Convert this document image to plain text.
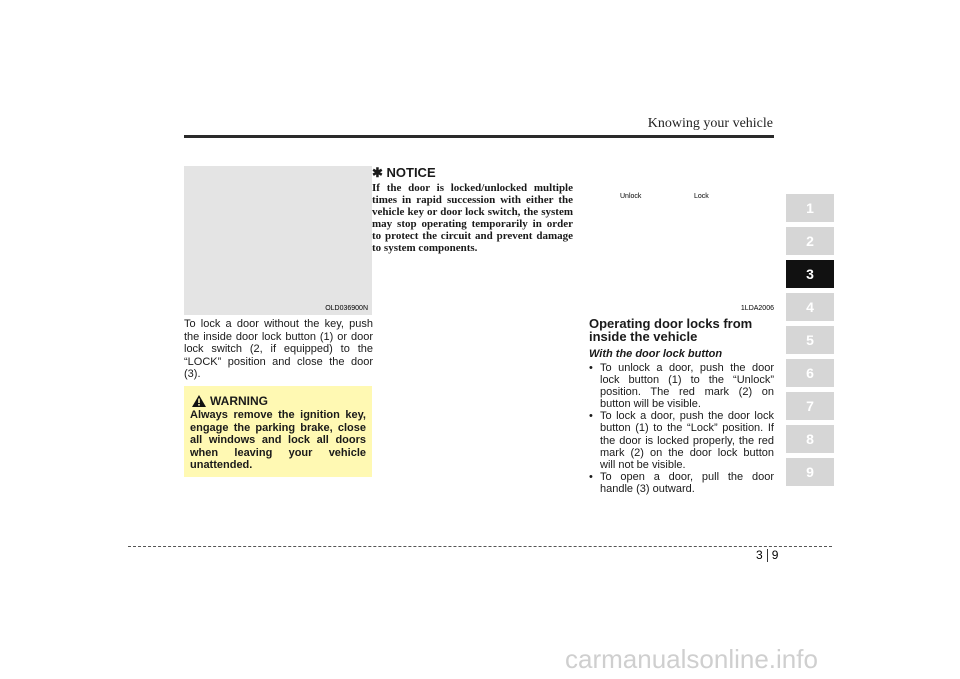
Knowing your vehicle
OLD036900N
To lock a door without the key, push the inside door lock button (1) or door lock switch (2, if equipped) to the “LOCK” position and close the door (3).
WARNING
Always remove the ignition key, engage the parking brake, close all windows and lock all doors when leaving your vehicle unattended.
✱ NOTICE
If the door is locked/unlocked multiple times in rapid succession with either the vehicle key or door lock switch, the system may stop operating temporarily in order to protect the circuit and prevent damage to system components.
Unlock	Lock
1LDA2006
Operating door locks from inside the vehicle
With the door lock button
• To unlock a door, push the door lock button (1) to the “Unlock” position. The red mark (2) on button will be visible.
• To lock a door, push the door lock button (1) to the “Lock” position. If the door is locked properly, the red mark (2) on the door lock button will not be visible.
• To open a door, pull the door handle (3) outward.
1
2
3
4
5
6
7
8
9
3 9
carmanualsonline.info
